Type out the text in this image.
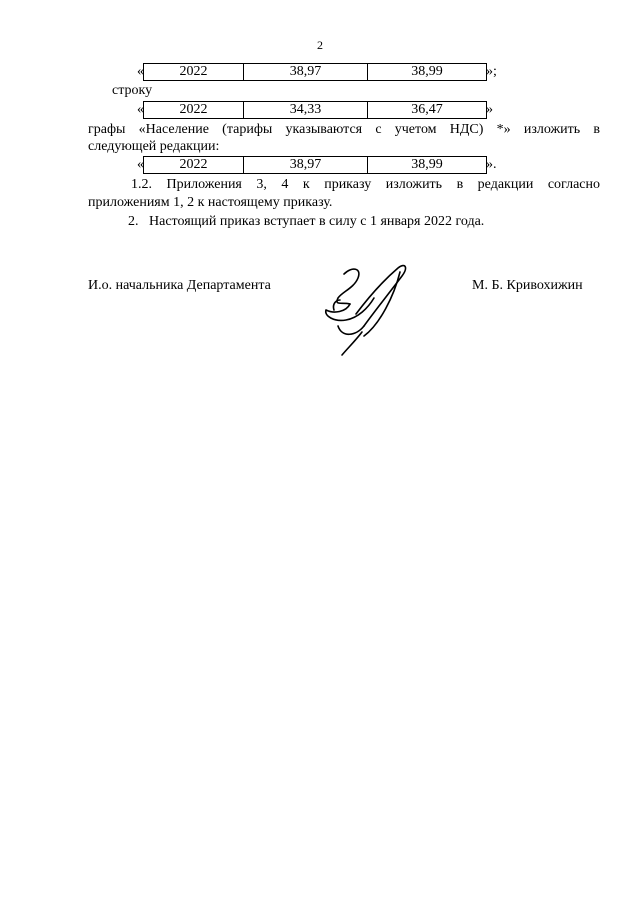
2
«	2022	38,97	38,99	»;
строку
«	2022	34,33	36,47	»
графы «Население (тарифы указываются с учетом НДС) *» изложить в
следующей редакции:
«	2022	38,97	38,99	».
1.2. Приложения 3, 4 к приказу изложить в редакции согласно
приложениям 1, 2 к настоящему приказу.
2.   Настоящий приказ вступает в силу с 1 января 2022 года.
И.о. начальника Департамента	М. Б. Кривохижин
